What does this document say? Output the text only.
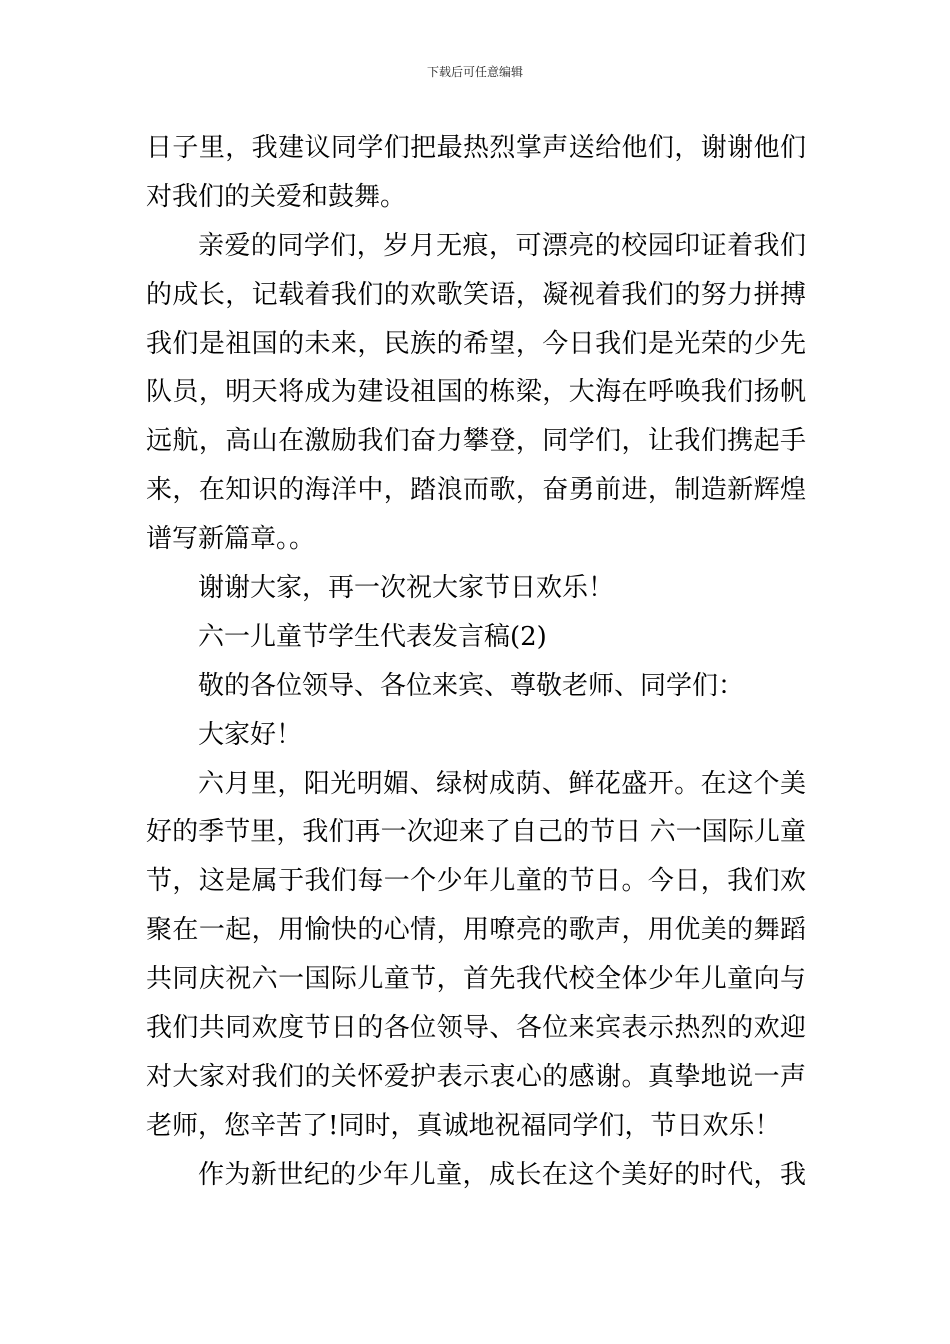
下载后可任意编辑
日子里，我建议同学们把最热烈掌声送给他们，谢谢他们
对我们的关爱和鼓舞。
亲爱的同学们，岁月无痕，可漂亮的校园印证着我们
的成长，记载着我们的欢歌笑语，凝视着我们的努力拼搏
我们是祖国的未来，民族的希望，今日我们是光荣的少先
队员，明天将成为建设祖国的栋梁，大海在呼唤我们扬帆
远航，高山在激励我们奋力攀登，同学们，让我们携起手
来，在知识的海洋中，踏浪而歌，奋勇前进，制造新辉煌
谱写新篇章。。
谢谢大家，再一次祝大家节日欢乐！
六一儿童节学生代表发言稿(2)
敬的各位领导、各位来宾、尊敬老师、同学们：
大家好！
六月里，阳光明媚、绿树成荫、鲜花盛开。在这个美
好的季节里，我们再一次迎来了自己的节日 六一国际儿童
节，这是属于我们每一个少年儿童的节日。今日，我们欢
聚在一起，用愉快的心情，用嘹亮的歌声，用优美的舞蹈
共同庆祝六一国际儿童节，首先我代校全体少年儿童向与
我们共同欢度节日的各位领导、各位来宾表示热烈的欢迎
对大家对我们的关怀爱护表示衷心的感谢。真挚地说一声
老师，您辛苦了!同时，真诚地祝福同学们，节日欢乐！
作为新世纪的少年儿童，成长在这个美好的时代，我
